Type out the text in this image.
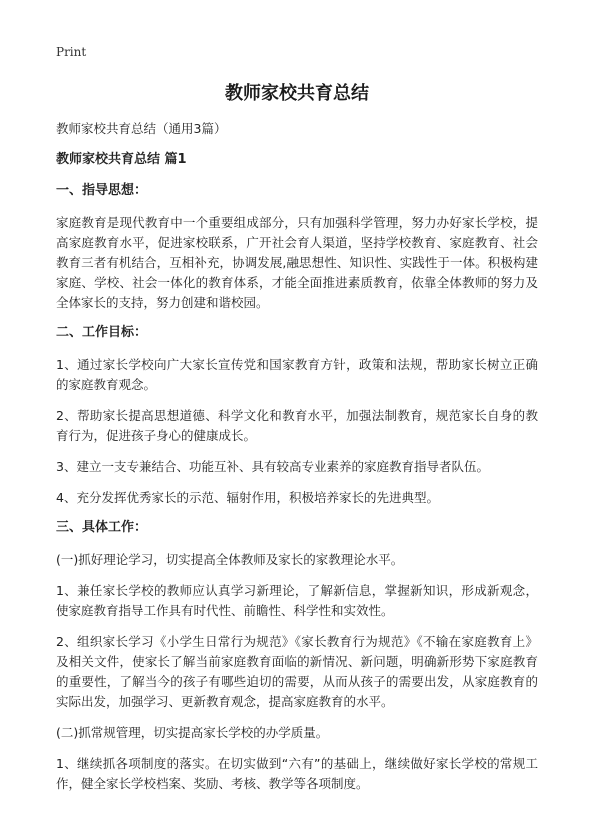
Print
教师家校共育总结
教师家校共育总结（通用3篇）
教师家校共育总结 篇1
一、指导思想：
家庭教育是现代教育中一个重要组成部分，只有加强科学管理，努力办好家长学校，提高家庭教育水平，促进家校联系，广开社会育人渠道，坚持学校教育、家庭教育、社会教育三者有机结合，互相补充，协调发展,融思想性、知识性、实践性于一体。积极构建家庭、学校、社会一体化的教育体系，才能全面推进素质教育，依靠全体教师的努力及全体家长的支持，努力创建和谐校园。
二、工作目标：
1、通过家长学校向广大家长宣传党和国家教育方针，政策和法规，帮助家长树立正确的家庭教育观念。
2、帮助家长提高思想道德、科学文化和教育水平，加强法制教育，规范家长自身的教育行为，促进孩子身心的健康成长。
3、建立一支专兼结合、功能互补、具有较高专业素养的家庭教育指导者队伍。
4、充分发挥优秀家长的示范、辐射作用，积极培养家长的先进典型。
三、具体工作：
(一)抓好理论学习，切实提高全体教师及家长的家教理论水平。
1、兼任家长学校的教师应认真学习新理论，了解新信息，掌握新知识，形成新观念，使家庭教育指导工作具有时代性、前瞻性、科学性和实效性。
2、组织家长学习《小学生日常行为规范》《家长教育行为规范》《不输在家庭教育上》及相关文件，使家长了解当前家庭教育面临的新情况、新问题，明确新形势下家庭教育的重要性，了解当今的孩子有哪些迫切的需要，从而从孩子的需要出发，从家庭教育的实际出发，加强学习、更新教育观念，提高家庭教育的水平。
(二)抓常规管理，切实提高家长学校的办学质量。
1、继续抓各项制度的落实。在切实做到“六有”的基础上，继续做好家长学校的常规工作，健全家长学校档案、奖励、考核、教学等各项制度。
